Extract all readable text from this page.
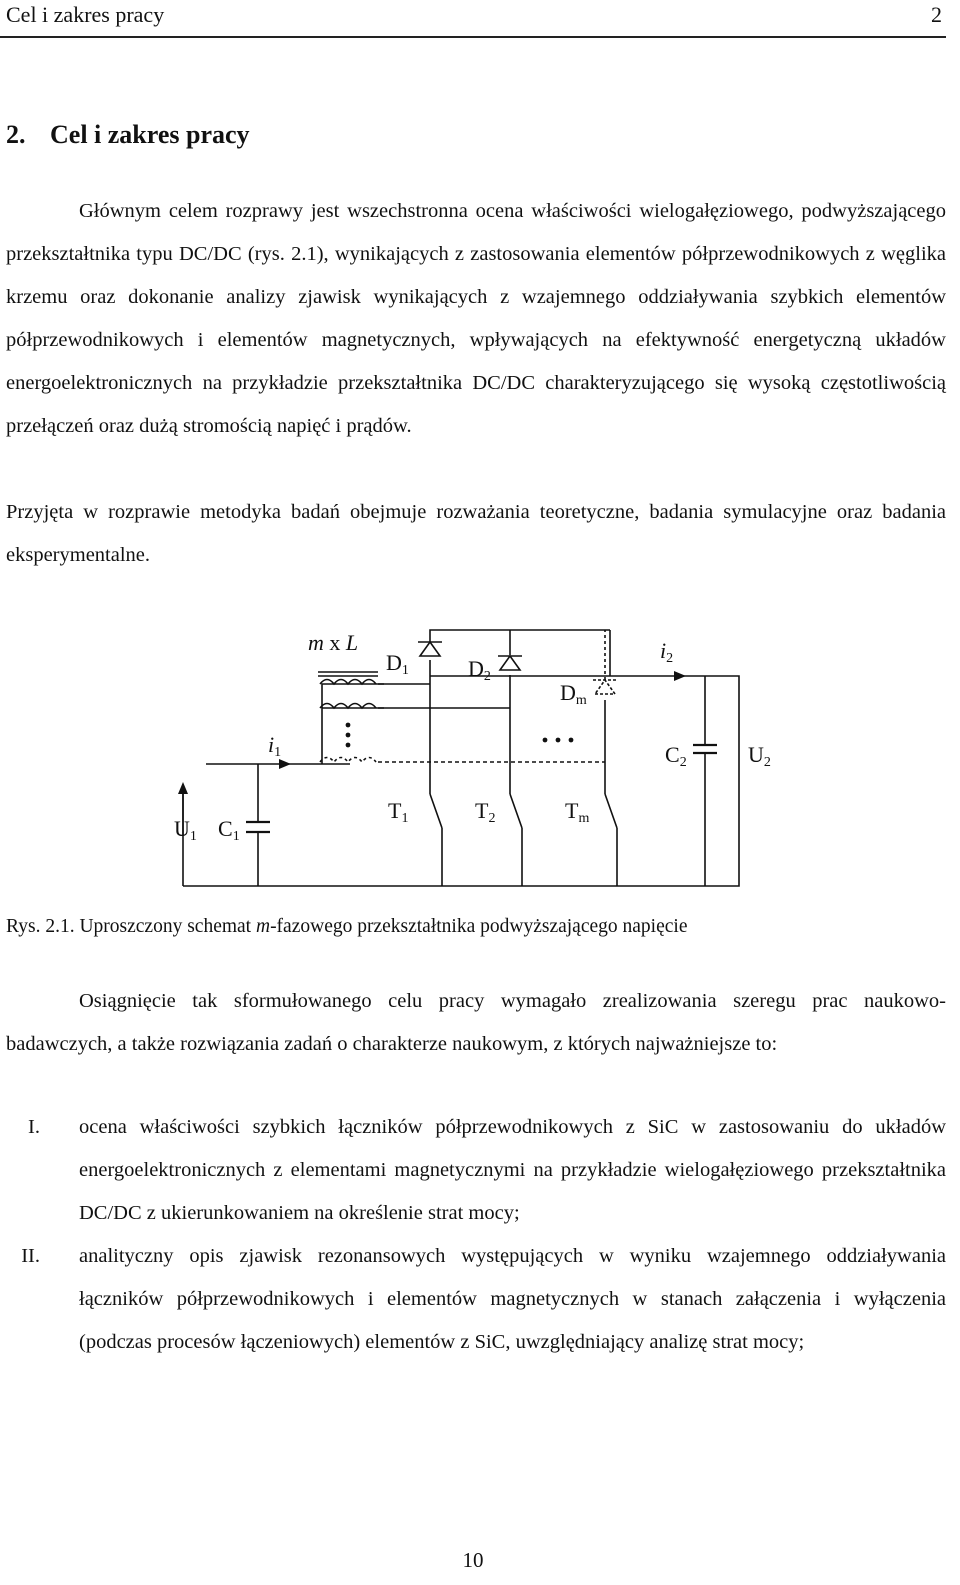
Cel i zakres pracy	2
2. Cel i zakres pracy

Głównym celem rozprawy jest wszechstronna ocena właściwości wielogałęziowego, podwyższającego przekształtnika typu DC/DC (rys. 2.1), wynikających z zastosowania elementów półprzewodnikowych z węglika krzemu oraz dokonanie analizy zjawisk wynikających z wzajemnego oddziaływania szybkich elementów półprzewodnikowych i elementów magnetycznych, wpływających na efektywność energetyczną układów energoelektronicznych na przykładzie przekształtnika DC/DC charakteryzującego się wysoką częstotliwością przełączeń oraz dużą stromością napięć i prądów.

Przyjęta w rozprawie metodyka badań obejmuje rozważania teoretyczne, badania symulacyjne oraz badania eksperymentalne.

i2
m x L
D1	D2
Dm
i1	C2	U2
U1 C1
T1	T2	Tm

Rys. 2.1. Uproszczony schemat m-fazowego przekształtnika podwyższającego napięcie

Osiągnięcie tak sformułowanego celu pracy wymagało zrealizowania szeregu prac naukowo-badawczych, a także rozwiązania zadań o charakterze naukowym, z których najważniejsze to:

I. ocena właściwości szybkich łączników półprzewodnikowych z SiC w zastosowaniu do układów energoelektronicznych z elementami magnetycznymi na przykładzie wielogałęziowego przekształtnika DC/DC z ukierunkowaniem na określenie strat mocy;
II. analityczny opis zjawisk rezonansowych występujących w wyniku wzajemnego oddziaływania łączników półprzewodnikowych i elementów magnetycznych w stanach załączenia i wyłączenia (podczas procesów łączeniowych) elementów z SiC, uwzględniający analizę strat mocy;
10
